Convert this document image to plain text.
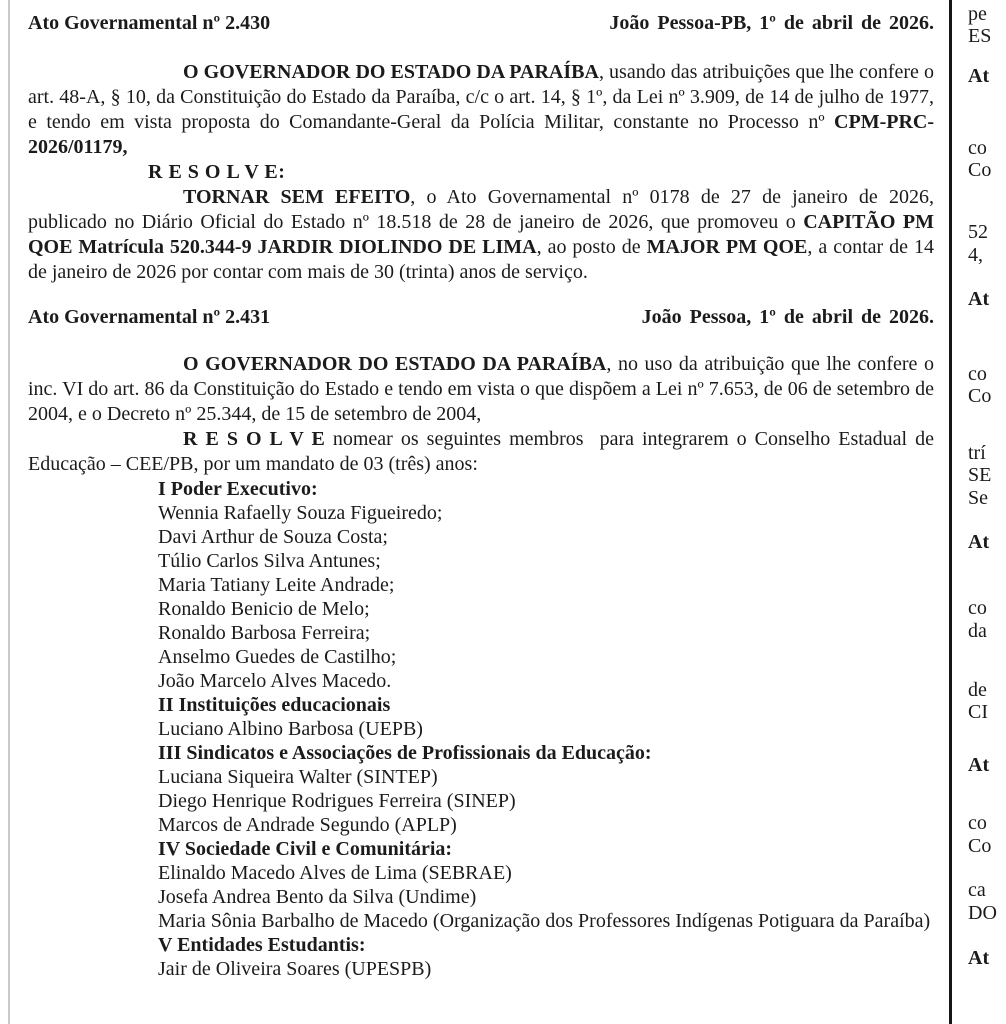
Ato Governamental nº 2.430	João Pessoa-PB, 1º de abril de 2026.
O GOVERNADOR DO ESTADO DA PARAÍBA, usando das atribuições que lhe confere o art. 48-A, § 10, da Constituição do Estado da Paraíba, c/c o art. 14, § 1º, da Lei nº 3.909, de 14 de julho de 1977, e tendo em vista proposta do Comandante-Geral da Polícia Militar, constante no Processo nº CPM-PRC-2026/01179,
R E S O L V E:
TORNAR SEM EFEITO, o Ato Governamental nº 0178 de 27 de janeiro de 2026, publicado no Diário Oficial do Estado nº 18.518 de 28 de janeiro de 2026, que promoveu o CAPITÃO PM QOE Matrícula 520.344-9 JARDIR DIOLINDO DE LIMA, ao posto de MAJOR PM QOE, a contar de 14 de janeiro de 2026 por contar com mais de 30 (trinta) anos de serviço.
Ato Governamental nº 2.431	João Pessoa, 1º de abril de 2026.
O GOVERNADOR DO ESTADO DA PARAÍBA, no uso da atribuição que lhe confere o inc. VI do art. 86 da Constituição do Estado e tendo em vista o que dispõem a Lei nº 7.653, de 06 de setembro de 2004, e o Decreto nº 25.344, de 15 de setembro de 2004,
R E S O L V E nomear os seguintes membros  para integrarem o Conselho Estadual de Educação – CEE/PB, por um mandato de 03 (três) anos:
I Poder Executivo:
Wennia Rafaelly Souza Figueiredo;
Davi Arthur de Souza Costa;
Túlio Carlos Silva Antunes;
Maria Tatiany Leite Andrade;
Ronaldo Benicio de Melo;
Ronaldo Barbosa Ferreira;
Anselmo Guedes de Castilho;
João Marcelo Alves Macedo.
II Instituições educacionais
Luciano Albino Barbosa (UEPB)
III Sindicatos e Associações de Profissionais da Educação:
Luciana Siqueira Walter (SINTEP)
Diego Henrique Rodrigues Ferreira (SINEP)
Marcos de Andrade Segundo (APLP)
IV Sociedade Civil e Comunitária:
Elinaldo Macedo Alves de Lima (SEBRAE)
Josefa Andrea Bento da Silva (Undime)
Maria Sônia Barbalho de Macedo (Organização dos Professores Indígenas Potiguara da Paraíba)
V Entidades Estudantis:
Jair de Oliveira Soares (UPESPB)
pe
ES
At
co
Co
52
4,
At
co
Co
trí
SE
Se
At
co
da
de
CI
At
co
Co
ca
DO
At
